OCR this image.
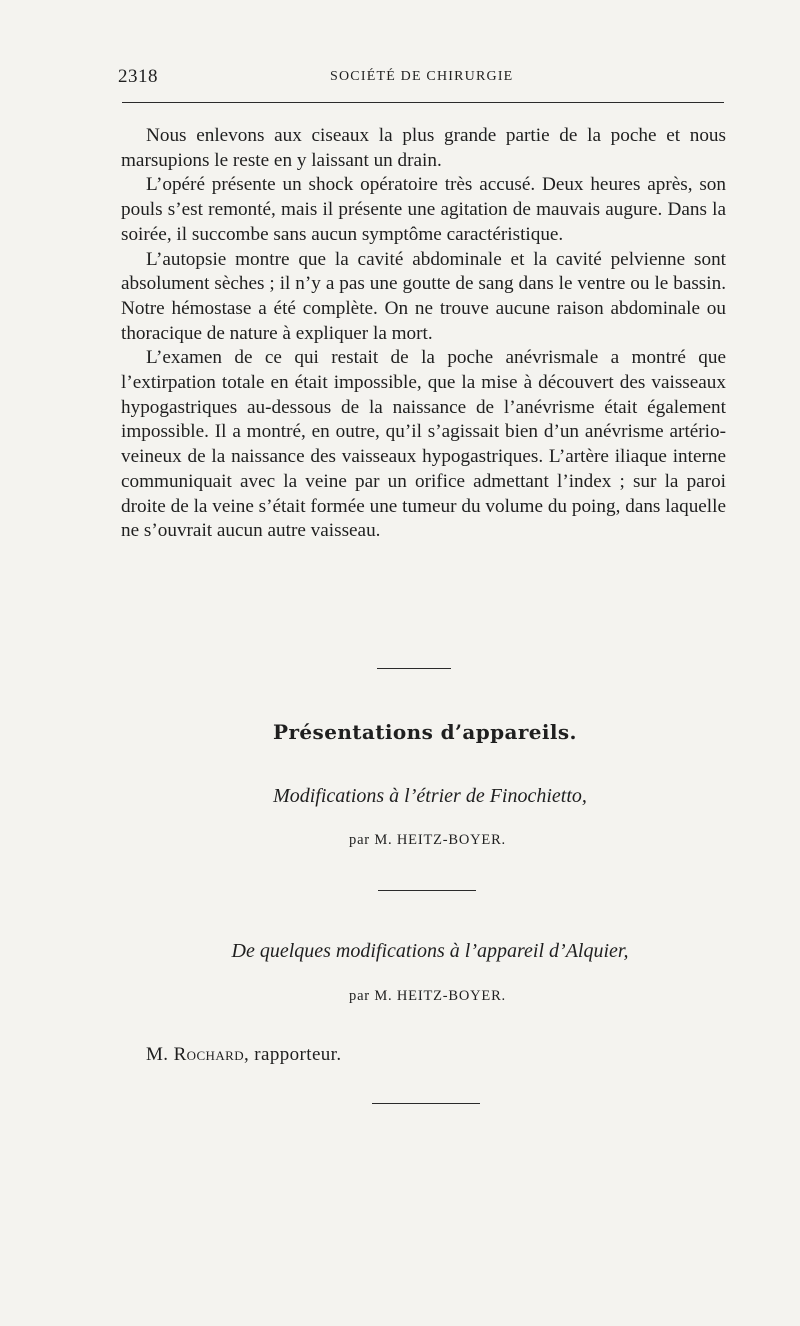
2318	SOCIÉTÉ DE CHIRURGIE

Nous enlevons aux ciseaux la plus grande partie de la poche et nous marsupions le reste en y laissant un drain.

L’opéré présente un shock opératoire très accusé. Deux heures après, son pouls s’est remonté, mais il présente une agitation de mauvais augure. Dans la soirée, il succombe sans aucun symptôme caractéristique.

L’autopsie montre que la cavité abdominale et la cavité pelvienne sont absolument sèches ; il n’y a pas une goutte de sang dans le ventre ou le bassin. Notre hémostase a été complète. On ne trouve aucune raison abdominale ou thoracique de nature à expliquer la mort.

L’examen de ce qui restait de la poche anévrismale a montré que l’extirpation totale en était impossible, que la mise à découvert des vaisseaux hypogastriques au-dessous de la naissance de l’anévrisme était également impossible. Il a montré, en outre, qu’il s’agissait bien d’un anévrisme artério-veineux de la naissance des vaisseaux hypogastriques. L’artère iliaque interne communiquait avec la veine par un orifice admettant l’index ; sur la paroi droite de la veine s’était formée une tumeur du volume du poing, dans laquelle ne s’ouvrait aucun autre vaisseau.

Présentations d’appareils.
Modifications à l’étrier de Finochietto,
par M. HEITZ-BOYER.
De quelques modifications à l’appareil d’Alquier,
par M. HEITZ-BOYER.
M. Rochard, rapporteur.
